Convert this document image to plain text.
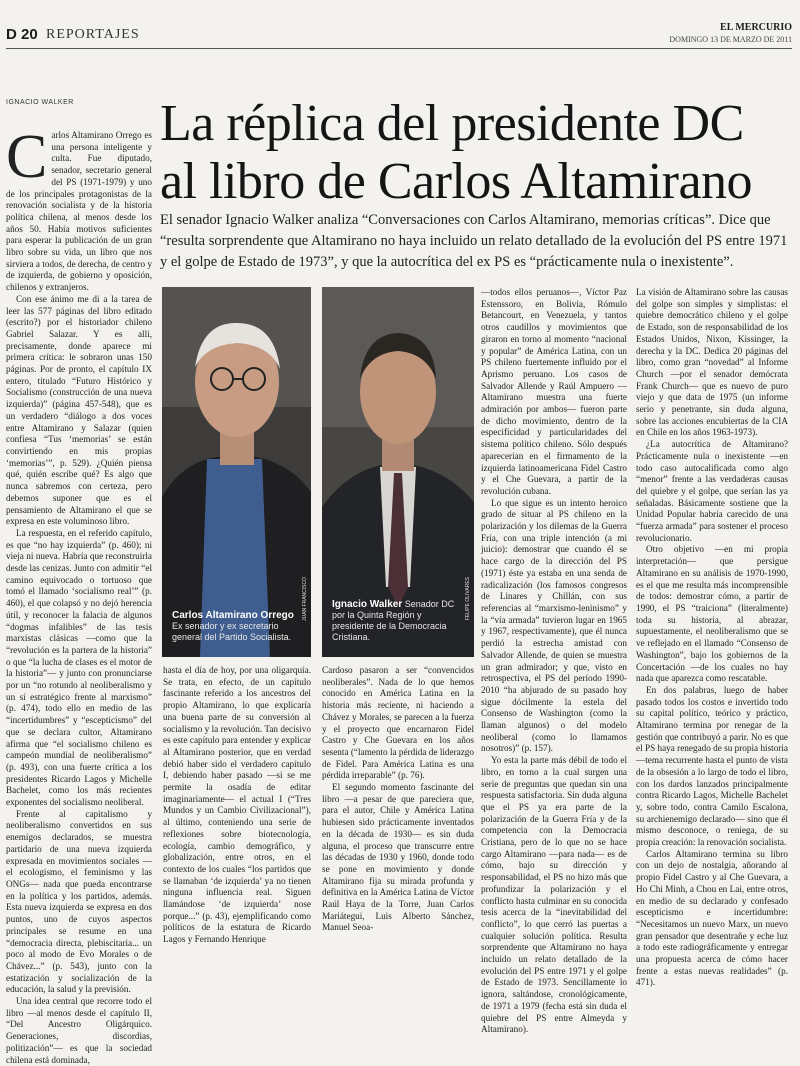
D 20 REPORTAJES	EL MERCURIO
DOMINGO 13 DE MARZO DE 2011
IGNACIO WALKER La réplica del presidente DC
al libro de Carlos Altamirano
El senador Ignacio Walker analiza “Conversaciones con Carlos Altamirano, memorias críticas”. Dice que “resulta sorprendente que Altamirano no haya incluido un relato detallado de la evolución del PS entre 1971 y el golpe de Estado de 1973”, y que la autocrítica del ex PS es “prácticamente nula o inexistente”.
JUAN FRANCISCO
Carlos Altamirano Orrego Ex senador y ex secretario general del Partido Socialista.
FELIPE OLIVARES
Ignacio Walker Senador DC por la Quinta Región y presidente de la Democracia Cristiana.
C arlos Altamirano Orrego es una persona inteligente y culta. Fue diputado, senador, secretario general del PS (1971-1979) y uno de los principales protagonistas de la renovación socialista y de la historia política chilena, al menos desde los años 50. Había motivos suficientes para esperar la publicación de un gran libro sobre su vida, un libro que nos sirviera a todos, de derecha, de centro y de izquierda, de gobierno y oposición, chilenos y extranjeros.

Con ese ánimo me di a la tarea de leer las 577 páginas del libro editado (escrito?) por el historiador chileno Gabriel Salazar. Y es allí, precisamente, donde aparece mi primera crítica: le sobraron unas 150 páginas. Por de pronto, el capítulo IX entero, titulado “Futuro Histórico y Socialismo (construcción de una nueva izquierda)” (página 457-548), que es un verdadero “diálogo a dos voces entre Altamirano y Salazar (quien confiesa “Tus ‘memorias’ se están convirtiendo en mis propias ‘memorias’”, p. 529). ¿Quién piensa qué, quién escribe qué? Es algo que nunca sabremos con certeza, pero debemos suponer que es el pensamiento de Altamirano el que se expresa en este voluminoso libro.

La respuesta, en el referido capítulo, es que “no hay izquierda” (p. 460); ni vieja ni nueva. Habría que reconstruirla desde las cenizas. Junto con admitir “el camino equivocado o tortuoso que tomó el llamado ‘socialismo real’” (p. 460), el que colapsó y no dejó herencia útil, y reconocer la falacia de algunos “dogmas infalibles” de las tesis marxistas clásicas —como que la “revolución es la partera de la historia” o que “la lucha de clases es el motor de la historia”— y junto con pronunciarse por un “no rotundo al neoliberalismo y un sí estratégico frente al marxismo” (p. 474), todo ello en medio de las “incertidumbres” y “escepticismo” del que se declara cultor, Altamirano afirma que “el socialismo chileno es campeón mundial de neoliberalismo” (p. 493), con una fuerte crítica a los presidentes Ricardo Lagos y Michelle Bachelet, como los más recientes exponentes del socialismo neoliberal.

Frente al capitalismo y neoliberalismo convertidos en sus enemigos declarados, se muestra partidario de una nueva izquierda expresada en movimientos sociales —el ecologismo, el feminismo y las ONGs— nada que pueda encontrarse en la política y los partidos, además. Esta nueva izquierda se expresa en dos puntos, uno de cuyos aspectos principales se resume en una “democracia directa, plebiscitaria... un poco al modo de Evo Morales o de Chávez...” (p. 543), junto con la estatización y socialización de la educación, la salud y la previsión.

Una idea central que recorre todo el libro —al menos desde el capítulo II, “Del Ancestro Oligárquico. Generaciones, discordias, politización”— es que la sociedad chilena está dominada,

hasta el día de hoy, por una oligarquía. Se trata, en efecto, de un capítulo fascinante referido a los ancestros del propio Altamirano, lo que explicaría una buena parte de su conversión al socialismo y la revolución. Tan decisivo es este capítulo para entender y explicar al Altamirano posterior, que en verdad debió haber sido el verdadero capítulo I, debiendo haber pasado —si se me permite la osadía de editar imaginariamente— el actual I (“Tres Mundos y un Cambio Civilizacional”), al último, conteniendo una serie de reflexiones sobre biotecnología, ecología, cambio demográfico, y globalización, entre otros, en el contexto de los cuales “los partidos que se llamaban ‘de izquierda’ ya no tienen ninguna influencia real. Siguen llamándose ‘de izquierda’ nose porque...” (p. 43), ejemplificando como políticos de la estatura de Ricardo Lagos y Fernando Henrique

Cardoso pasaron a ser “convencidos neoliberales”. Nada de lo que hemos conocido en América Latina en la historia más reciente, ni haciendo a Chávez y Morales, se parecen a la fuerza y el proyecto que encarnaron Fidel Castro y Che Guevara en los años sesenta (“lamento la pérdida de liderazgo de Fidel. Para América Latina es una pérdida irreparable” (p. 76).

El segundo momento fascinante del libro —a pesar de que pareciera que, para el autor, Chile y América Latina hubiesen sido prácticamente inventados en la década de 1930— es sin duda alguna, el proceso que transcurre entre las décadas de 1930 y 1960, donde todo se pone en movimiento y donde Altamirano fija su mirada profunda y definitiva en la América Latina de Víctor Raúl Haya de la Torre, Juan Carlos Mariátegui, Luis Alberto Sánchez, Manuel Seoa-

—todos ellos peruanos—, Víctor Paz Estenssoro, en Bolivia, Rómulo Betancourt, en Venezuela, y tantos otros caudillos y movimientos que giraron en torno al momento “nacional y popular” de América Latina, con un PS chileno fuertemente influido por el Aprismo peruano. Los casos de Salvador Allende y Raúl Ampuero —Altamirano muestra una fuerte admiración por ambos— fueron parte de dicho movimiento, dentro de la especificidad y particularidades del sistema político chileno. Sólo después aparecerían en el firmamento de la izquierda latinoamericana Fidel Castro y el Che Guevara, a partir de la revolución cubana.

Lo que sigue es un intento heroico grado de situar al PS chileno en la polarización y los dilemas de la Guerra Fría, con una triple intención (a mi juicio): demostrar que cuando él se hace cargo de la dirección del PS (1971) éste ya estaba en una senda de radicalización (los famosos congresos de Linares y Chillán, con sus referencias al “marxismo-leninismo” y la “vía armada” tuvieron lugar en 1965 y 1967, respectivamente), que él nunca perdió la estrecha amistad con Salvador Allende, de quien se muestra un gran admirador; y que, visto en retrospectiva, el PS del período 1990-2010 “ha abjurado de su pasado hoy sigue dócilmente la estela del Consenso de Washington (como la llaman algunos) o del modelo neoliberal (como lo llamamos nosotros)” (p. 157).

Yo esta la parte más débil de todo el libro, en torno a la cual surgen una serie de preguntas que quedan sin una respuesta satisfactoria. Sin duda alguna que el PS ya era parte de la polarización de la Guerra Fría y de la competencia con la Democracia Cristiana, pero de lo que no se hace cargo Altamirano —para nada— es de cómo, bajo su dirección y responsabilidad, el PS no hizo más que profundizar la polarización y el conflicto hasta culminar en su conocida tesis acerca de la “inevitabilidad del conflicto”, lo que cerró las puertas a cualquier solución política. Resulta sorprendente que Altamirano no haya incluido un relato detallado de la evolución del PS entre 1971 y el golpe de Estado de 1973. Sencillamente lo ignora, saltándose, cronológicamente, de 1971 a 1979 (fecha está sin duda el quiebre del PS entre Almeyda y Altamirano).

La visión de Altamirano sobre las causas del golpe son simples y simplistas: el quiebre democrático chileno y el golpe de Estado, son de responsabilidad de los Estados Unidos, Nixon, Kissinger, la derecha y la DC. Dedica 20 páginas del libro, como gran “novedad” al Informe Church —por el senador demócrata Frank Church— que es nuevo de puro viejo y que data de 1975 (un informe serio y penetrante, sin duda alguna, sobre las acciones encubiertas de la CIA en Chile en los años 1963-1973).

¿La autocrítica de Altamirano? Prácticamente nula o inexistente —en todo caso autocalificada como algo “menor” frente a las verdaderas causas del quiebre y el golpe, que serían las ya señaladas. Básicamente sostiene que la Unidad Popular habría carecido de una “fuerza armada” para sostener el proceso revolucionario.

Otro objetivo —en mi propia interpretación— que persigue Altamirano en su análisis de 1970-1990, es el que me resulta más incomprensible de todos: demostrar cómo, a partir de 1990, el PS “traiciona” (literalmente) toda su historia, al abrazar, supuestamente, el neoliberalismo que se ve reflejado en el llamado “Consenso de Washington”, bajo los gobiernos de la Concertación —de los cuales no hay nada que aparezca como rescatable.

En dos palabras, luego de haber pasado todos los costos e invertido todo su capital político, teórico y práctico, Altamirano termina por renegar de la gestión que contribuyó a parir. No es que el PS haya renegado de su propia historia —tema recurrente hasta el punto de vista de la obsesión a lo largo de todo el libro, con los dardos lanzados principalmente contra Ricardo Lagos, Michelle Bachelet y, sobre todo, contra Camilo Escalona, su archienemigo declarado— sino que él mismo desconoce, o reniega, de su propia creación: la renovación socialista.

Carlos Altamirano termina su libro con un dejo de nostalgia, añorando al propio Fidel Castro y al Che Guevara, a Ho Chi Minh, a Chou en Lai, entre otros, en medio de su declarado y confesado escepticismo e incertidumbre: “Necesitamos un nuevo Marx, un nuevo gran pensador que desentrañe y eche luz a todo este radiográficamente y entregar una propuesta acerca de cómo hacer frente a estas nuevas realidades” (p. 471).
